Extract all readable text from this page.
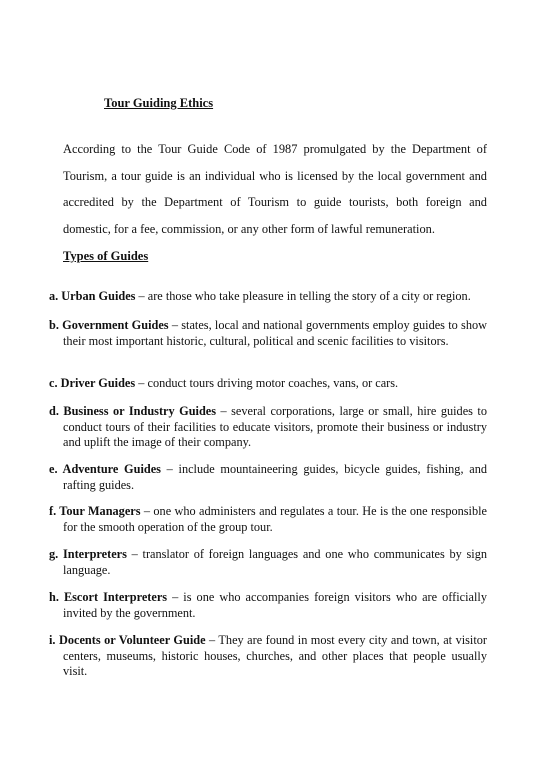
Tour Guiding Ethics

According to the Tour Guide Code of 1987 promulgated by the Department of Tourism, a tour guide is an individual who is licensed by the local government and accredited by the Department of Tourism to guide tourists, both foreign and domestic, for a fee, commission, or any other form of lawful remuneration.

Types of Guides

a. Urban Guides – are those who take pleasure in telling the story of a city or region.

b. Government Guides – states, local and national governments employ guides to show their most important historic, cultural, political and scenic facilities to visitors.

c. Driver Guides – conduct tours driving motor coaches, vans, or cars.

d. Business or Industry Guides – several corporations, large or small, hire guides to conduct tours of their facilities to educate visitors, promote their business or industry and uplift the image of their company.

e. Adventure Guides – include mountaineering guides, bicycle guides, fishing, and rafting guides.

f. Tour Managers – one who administers and regulates a tour. He is the one responsible for the smooth operation of the group tour.

g. Interpreters – translator of foreign languages and one who communicates by sign language.

h. Escort Interpreters – is one who accompanies foreign visitors who are officially invited by the government.

i. Docents or Volunteer Guide – They are found in most every city and town, at visitor centers, museums, historic houses, churches, and other places that people usually visit.
